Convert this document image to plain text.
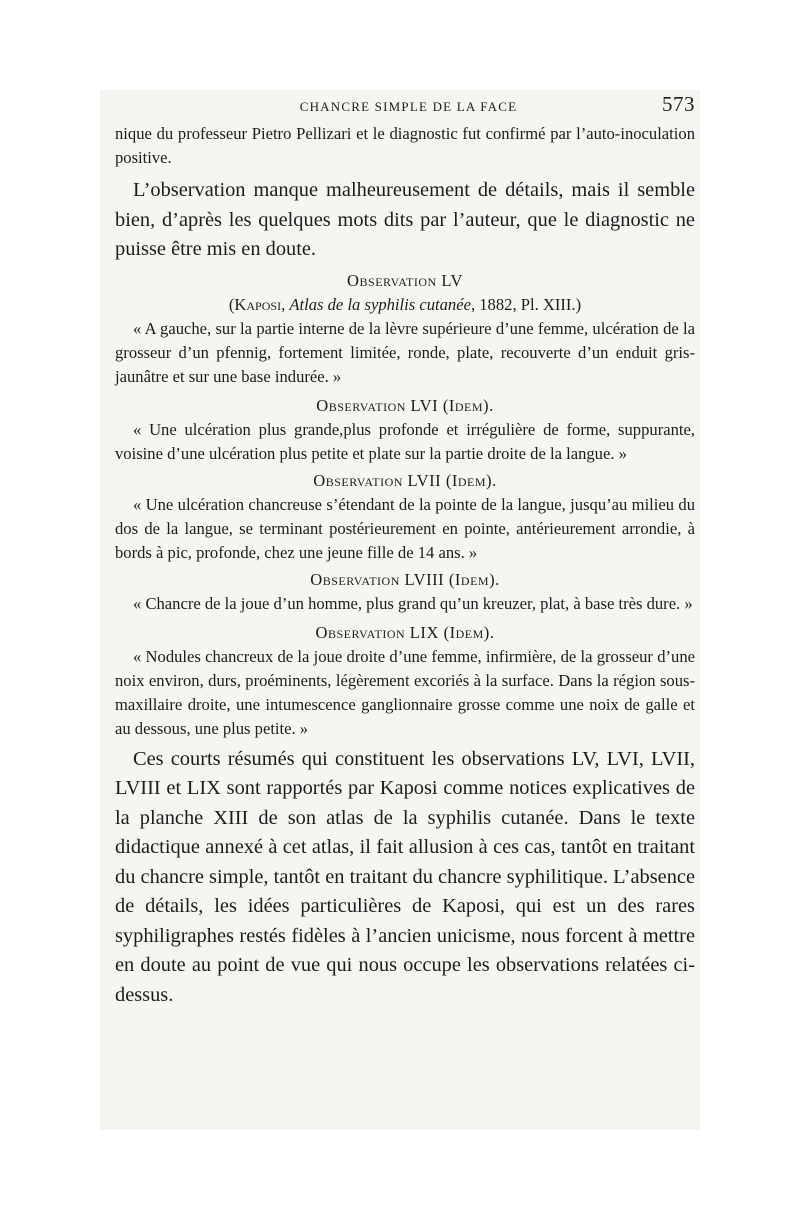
CHANCRE SIMPLE DE LA FACE	573

nique du professeur Pietro Pellizari et le diagnostic fut confirmé par l’auto-inoculation positive.

L’observation manque malheureusement de détails, mais il semble bien, d’après les quelques mots dits par l’auteur, que le diagnostic ne puisse être mis en doute.

Observation LV
(Kaposi, Atlas de la syphilis cutanée, 1882, Pl. XIII.)

« A gauche, sur la partie interne de la lèvre supérieure d’une femme, ulcération de la grosseur d’un pfennig, fortement limitée, ronde, plate, recouverte d’un enduit gris-jaunâtre et sur une base indurée. »

Observation LVI (Idem).

« Une ulcération plus grande,plus profonde et irrégulière de forme, suppurante, voisine d’une ulcération plus petite et plate sur la partie droite de la langue. »

Observation LVII (Idem).

« Une ulcération chancreuse s’étendant de la pointe de la langue, jusqu’au milieu du dos de la langue, se terminant postérieurement en pointe, antérieurement arrondie, à bords à pic, profonde, chez une jeune fille de 14 ans. »

Observation LVIII (Idem).

« Chancre de la joue d’un homme, plus grand qu’un kreuzer, plat, à base très dure. »

Observation LIX (Idem).

« Nodules chancreux de la joue droite d’une femme, infirmière, de la grosseur d’une noix environ, durs, proéminents, légèrement excoriés à la surface. Dans la région sous-maxillaire droite, une intumescence ganglionnaire grosse comme une noix de galle et au dessous, une plus petite. »

Ces courts résumés qui constituent les observations LV, LVI, LVII, LVIII et LIX sont rapportés par Kaposi comme notices explicatives de la planche XIII de son atlas de la syphilis cutanée. Dans le texte didactique annexé à cet atlas, il fait allusion à ces cas, tantôt en traitant du chancre simple, tantôt en traitant du chancre syphilitique. L’absence de détails, les idées particulières de Kaposi, qui est un des rares syphiligraphes restés fidèles à l’ancien unicisme, nous forcent à mettre en doute au point de vue qui nous occupe les observations relatées ci-dessus.
